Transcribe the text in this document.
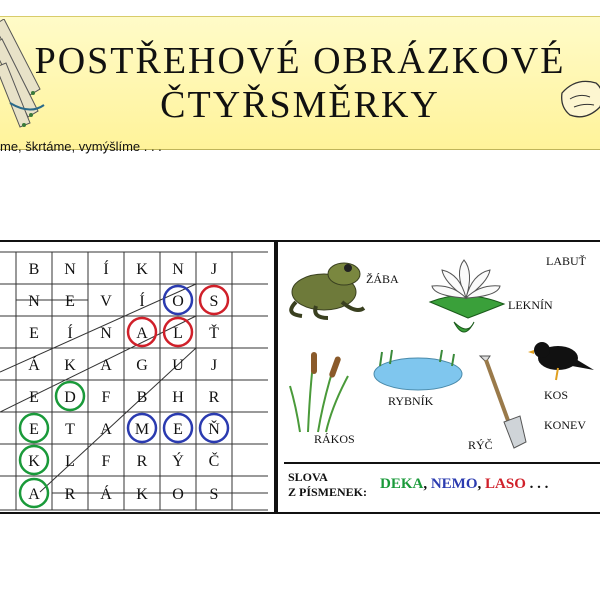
POSTŘEHOVÉ OBRÁZKOVÉ
ČTYŘSMĚRKY

me, škrtáme, vymýšlíme . . .

B N Í K N J
N E V Í O S
E Í N A L Ť
Á K A G U J
E D F B H R
E T A M E Ň
K L F R Ý Č
A R Á K O S
ŽÁBA
LEKNÍN
LABUŤ
RYBNÍK
RÁKOS	RÝČ
KOS
KONEV
SLOVA
Z PÍSMENEK: DEKA, NEMO, LASO . . .
